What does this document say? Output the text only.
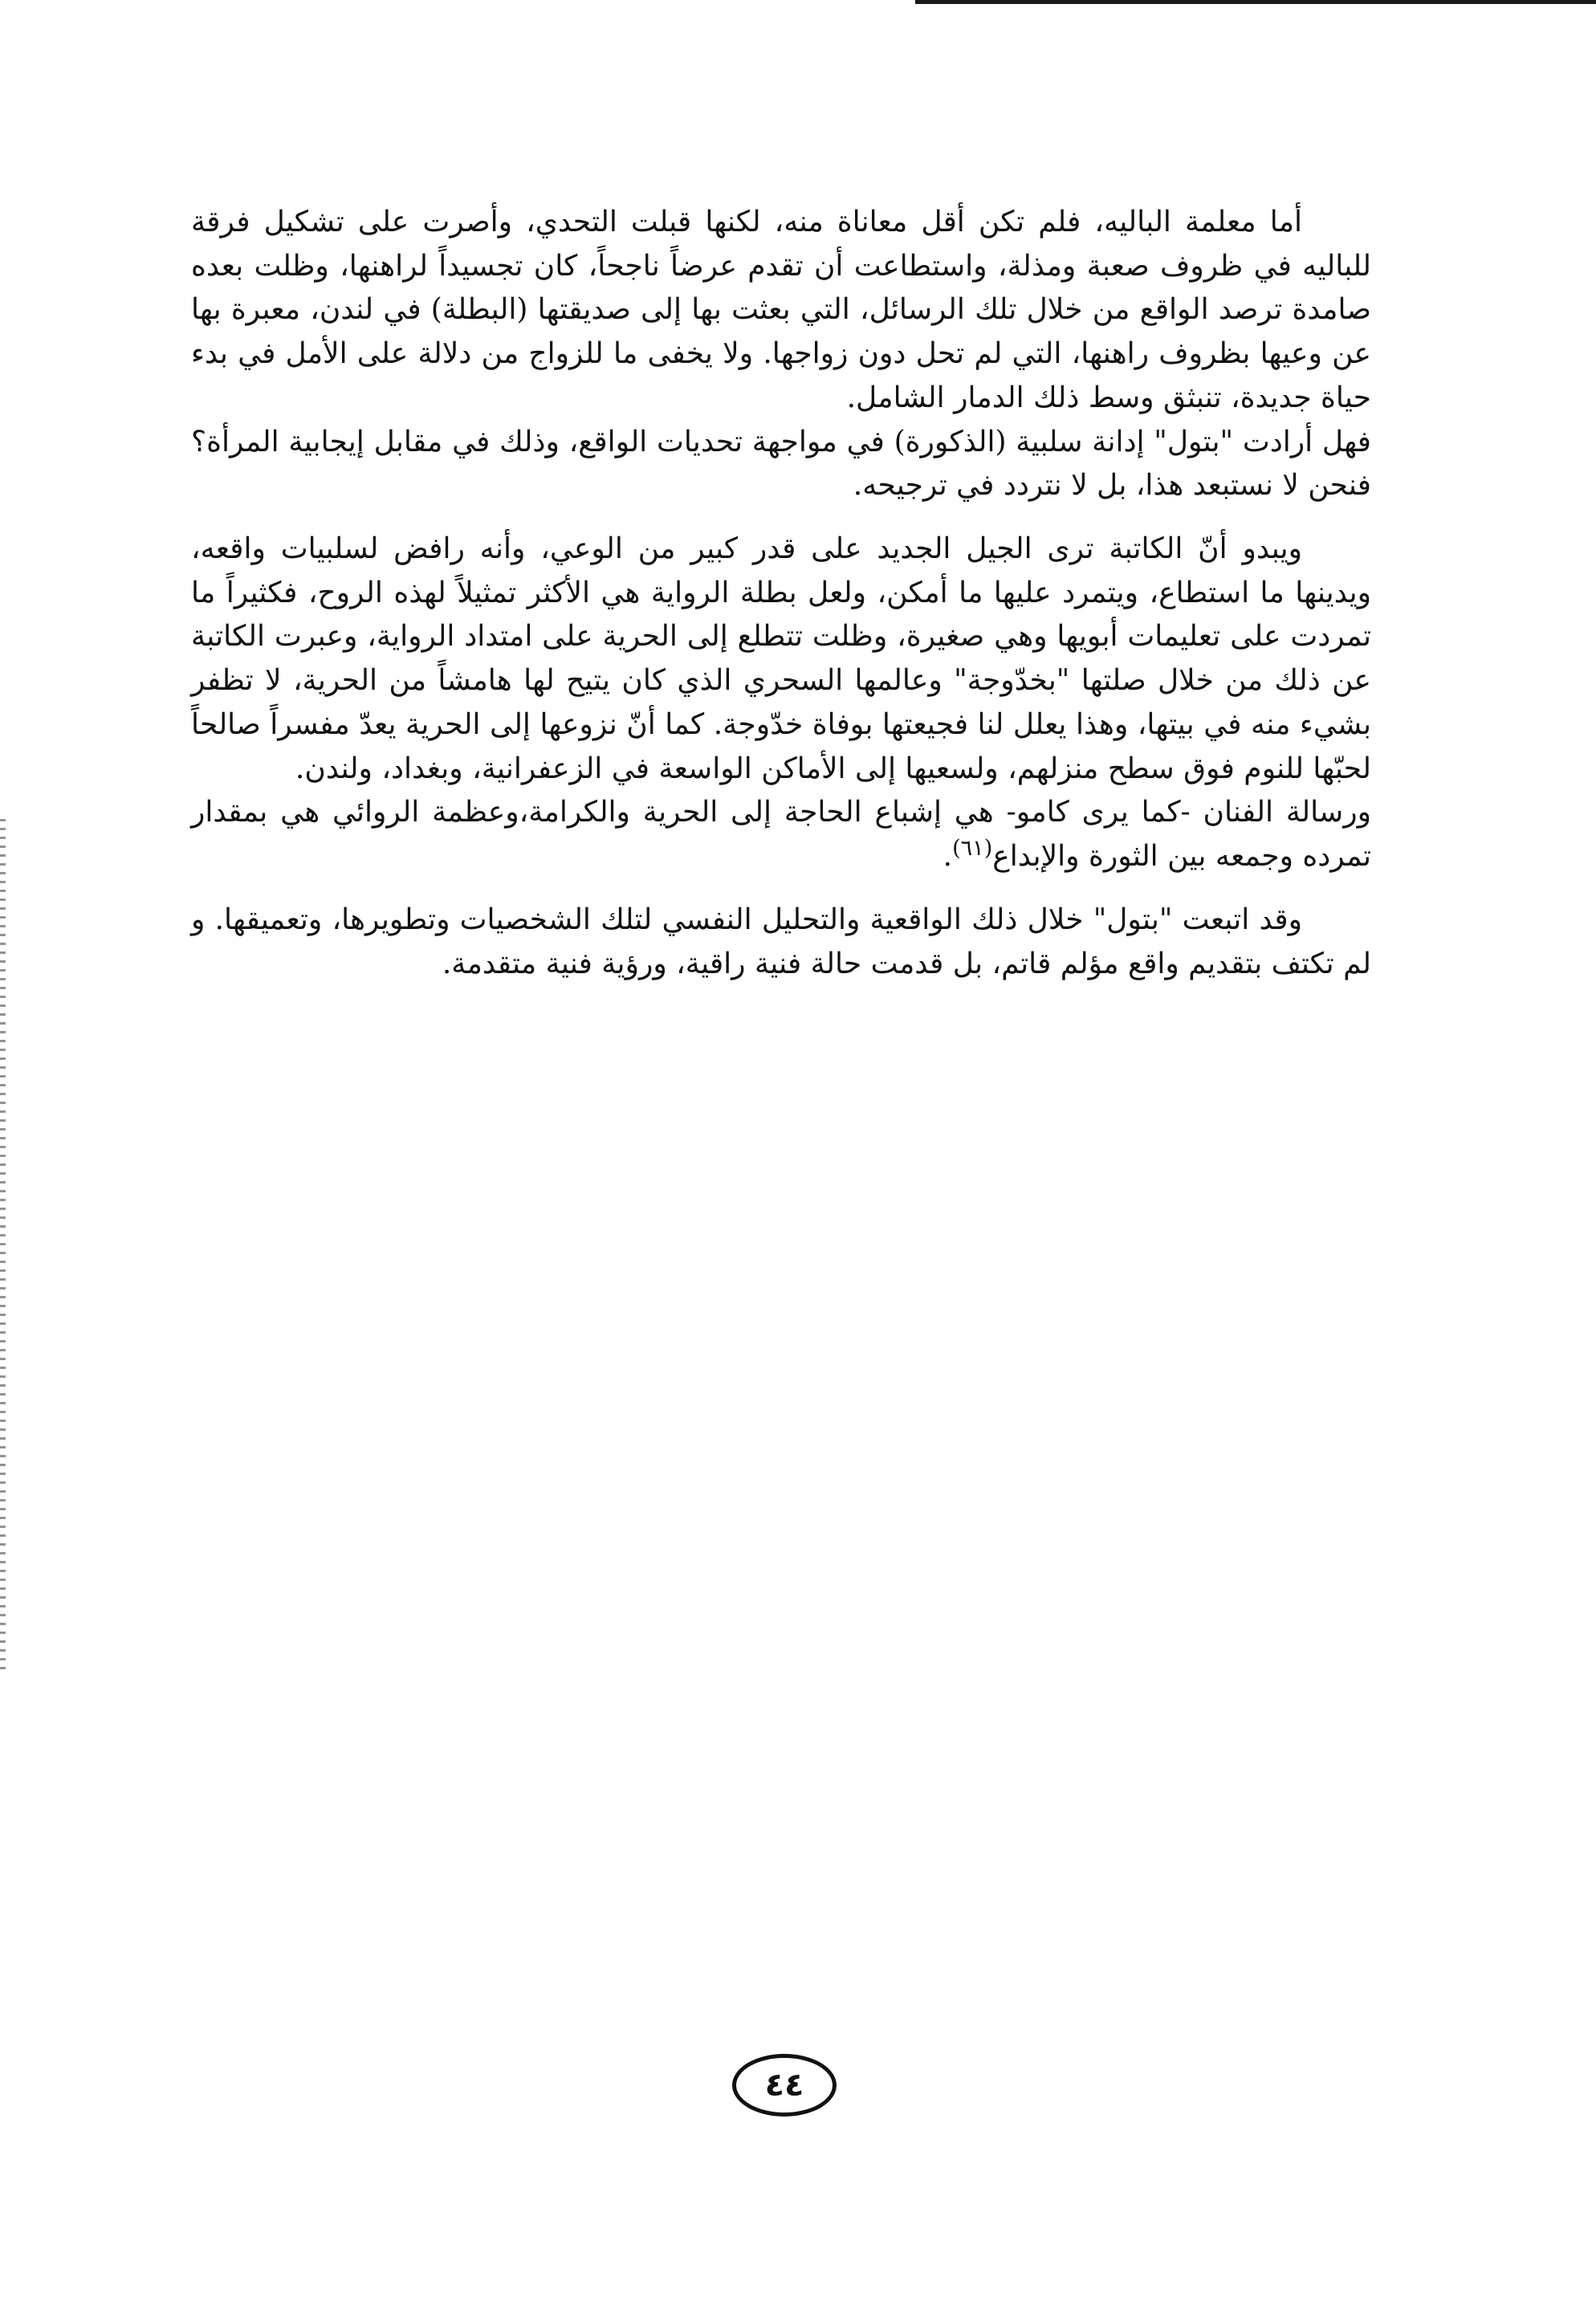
أما معلمة الباليه، فلم تكن أقل معاناة منه، لكنها قبلت التحدي، وأصرت على تشكيل فرقة للباليه في ظروف صعبة ومذلة، واستطاعت أن تقدم عرضاً ناجحاً، كان تجسيداً لراهنها، وظلت بعده صامدة ترصد الواقع من خلال تلك الرسائل، التي بعثت بها إلى صديقتها (البطلة) في لندن، معبرة بها عن وعيها بظروف راهنها، التي لم تحل دون زواجها. ولا يخفى ما للزواج من دلالة على الأمل في بدء حياة جديدة، تنبثق وسط ذلك الدمار الشامل.
فهل أرادت "بتول" إدانة سلبية (الذكورة) في مواجهة تحديات الواقع، وذلك في مقابل إيجابية المرأة؟ فنحن لا نستبعد هذا، بل لا نتردد في ترجيحه.

ويبدو أنّ الكاتبة ترى الجيل الجديد على قدر كبير من الوعي، وأنه رافض لسلبيات واقعه، ويدينها ما استطاع، ويتمرد عليها ما أمكن، ولعل بطلة الرواية هي الأكثر تمثيلاً لهذه الروح، فكثيراً ما تمردت على تعليمات أبويها وهي صغيرة، وظلت تتطلع إلى الحرية على امتداد الرواية، وعبرت الكاتبة عن ذلك من خلال صلتها "بخدّوجة" وعالمها السحري الذي كان يتيح لها هامشاً من الحرية، لا تظفر بشيء منه في بيتها، وهذا يعلل لنا فجيعتها بوفاة خدّوجة. كما أنّ نزوعها إلى الحرية يعدّ مفسراً صالحاً لحبّها للنوم فوق سطح منزلهم، ولسعيها إلى الأماكن الواسعة في الزعفرانية، وبغداد، ولندن.
ورسالة الفنان -كما يرى كامو- هي إشباع الحاجة إلى الحرية والكرامة،وعظمة الروائي هي بمقدار تمرده وجمعه بين الثورة والإبداع$^{(٦١)}$.

وقد اتبعت "بتول" خلال ذلك الواقعية والتحليل النفسي لتلك الشخصيات وتطويرها، وتعميقها. و لم تكتف بتقديم واقع مؤلم قاتم، بل قدمت حالة فنية راقية، ورؤية فنية متقدمة.

٤٤
